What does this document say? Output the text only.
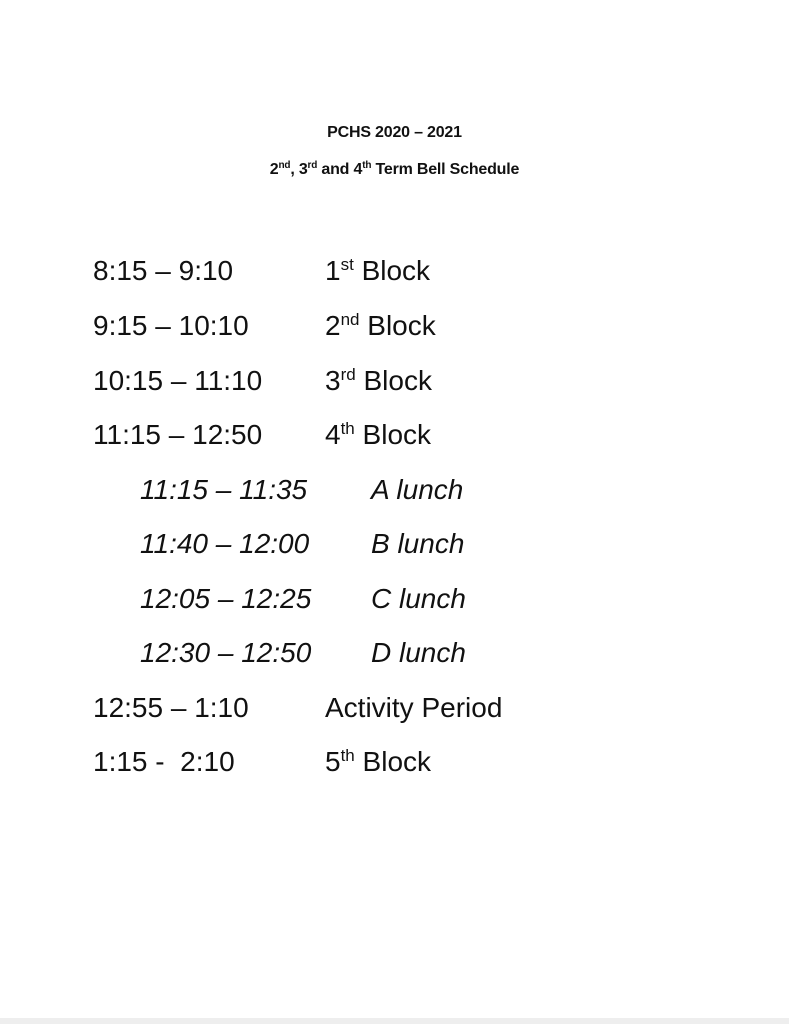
PCHS 2020 – 2021
2nd, 3rd and 4th Term Bell Schedule
8:15 – 9:10	1st Block
9:15 – 10:10	2nd Block
10:15 – 11:10 3rd Block
11:15 – 12:50 4th Block
11:15 – 11:35 A lunch
11:40 – 12:00 B lunch
12:05 – 12:25 C lunch
12:30 – 12:50 D lunch
12:55 – 1:10	Activity Period
1:15 -  2:10	5th Block
